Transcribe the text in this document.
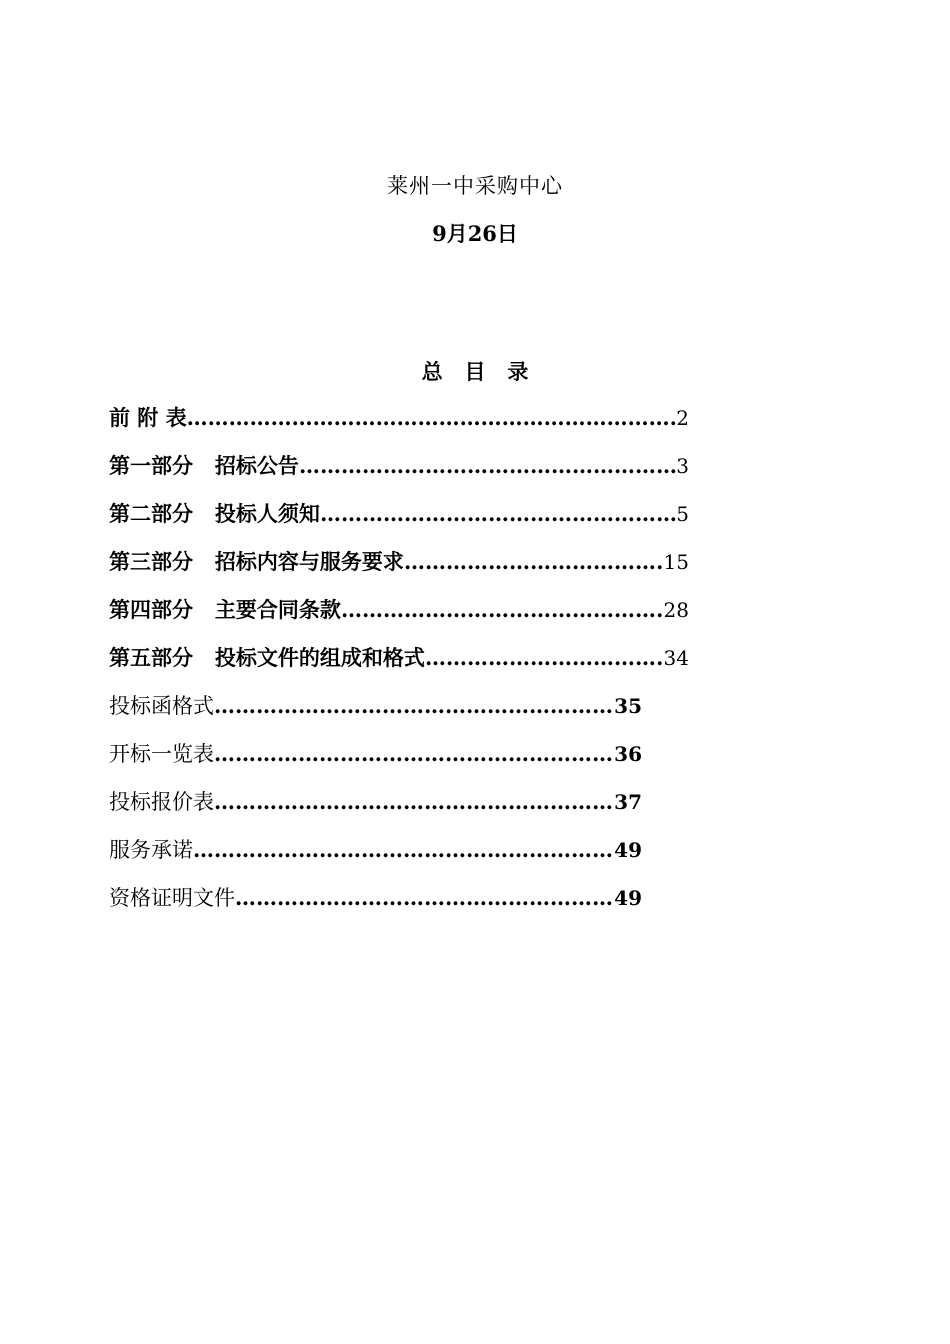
莱州一中采购中心
9月26日
总   目   录
前 附 表 ……………………………………………………………………………………………………………………………………………	2
第一部分   招标公告 ……………………………………………………………………………………………………………………………………………	3
第二部分   投标人须知 ……………………………………………………………………………………………………………………………………………	5
第三部分   招标内容与服务要求 ……………………………………………………………………………………………………………………………………………	15
第四部分   主要合同条款 ……………………………………………………………………………………………………………………………………………	28
第五部分   投标文件的组成和格式 ……………………………………………………………………………………………………………………………………………	34
投标函格式 ……………………………………………………………………………………………………………………………………………	35
开标一览表 ……………………………………………………………………………………………………………………………………………	36
投标报价表 ……………………………………………………………………………………………………………………………………………	37
服务承诺 ……………………………………………………………………………………………………………………………………………	49
资格证明文件 ……………………………………………………………………………………………………………………………………………	49
